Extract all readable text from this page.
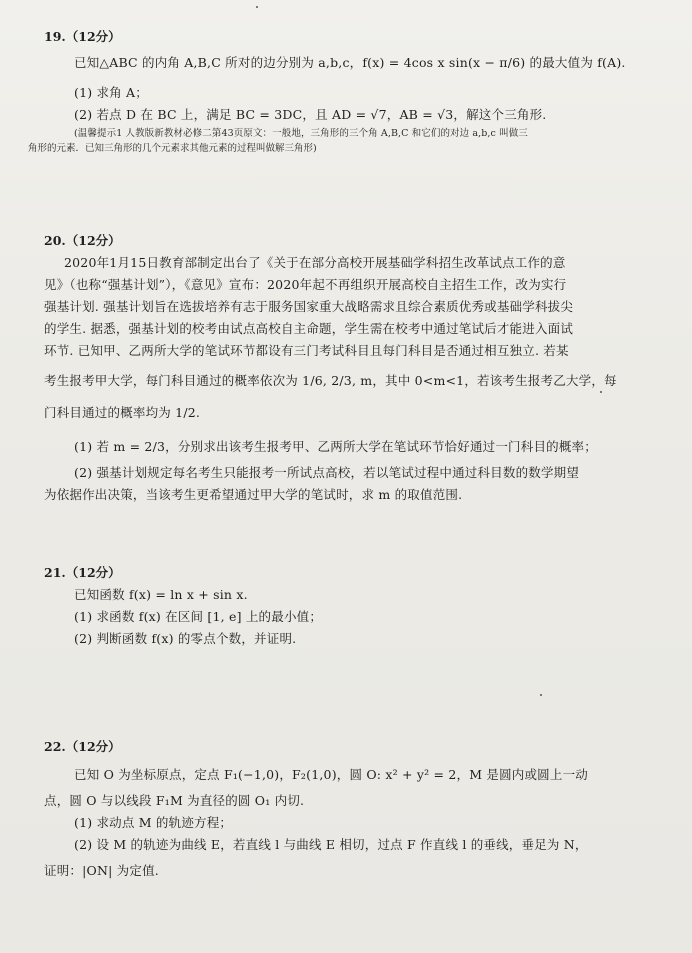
19.（12分）
已知△ABC 的内角 A,B,C 所对的边分别为 a,b,c，f(x) = 4cos x sin(x − π/6) 的最大值为 f(A).
(1) 求角 A；
(2) 若点 D 在 BC 上，满足 BC = 3DC，且 AD = √7，AB = √3，解这个三角形.
(温馨提示1 人教版新教材必修二第43页原文：一般地，三角形的三个角 A,B,C 和它们的对边 a,b,c 叫做三
角形的元素．已知三角形的几个元素求其他元素的过程叫做解三角形)
20.（12分）
2020年1月15日教育部制定出台了《关于在部分高校开展基础学科招生改革试点工作的意
见》（也称“强基计划”），《意见》宣布：2020年起不再组织开展高校自主招生工作，改为实行
强基计划. 强基计划旨在选拔培养有志于服务国家重大战略需求且综合素质优秀或基础学科拔尖
的学生. 据悉，强基计划的校考由试点高校自主命题，学生需在校考中通过笔试后才能进入面试
环节. 已知甲、乙两所大学的笔试环节都设有三门考试科目且每门科目是否通过相互独立. 若某
考生报考甲大学，每门科目通过的概率依次为 1/6, 2/3, m，其中 0<m<1，若该考生报考乙大学，每
门科目通过的概率均为 1/2.
(1) 若 m = 2/3，分别求出该考生报考甲、乙两所大学在笔试环节恰好通过一门科目的概率；
(2) 强基计划规定每名考生只能报考一所试点高校，若以笔试过程中通过科目数的数学期望
为依据作出决策，当该考生更希望通过甲大学的笔试时，求 m 的取值范围.
21.（12分）
已知函数 f(x) = ln x + sin x.
(1) 求函数 f(x) 在区间 [1, e] 上的最小值；
(2) 判断函数 f(x) 的零点个数，并证明.
22.（12分）
已知 O 为坐标原点，定点 F₁(−1,0)，F₂(1,0)，圆 O: x² + y² = 2，M 是圆内或圆上一动
点，圆 O 与以线段 F₁M 为直径的圆 O₁ 内切.
(1) 求动点 M 的轨迹方程；
(2) 设 M 的轨迹为曲线 E，若直线 l 与曲线 E 相切，过点 F 作直线 l 的垂线，垂足为 N，
证明：|ON| 为定值.
